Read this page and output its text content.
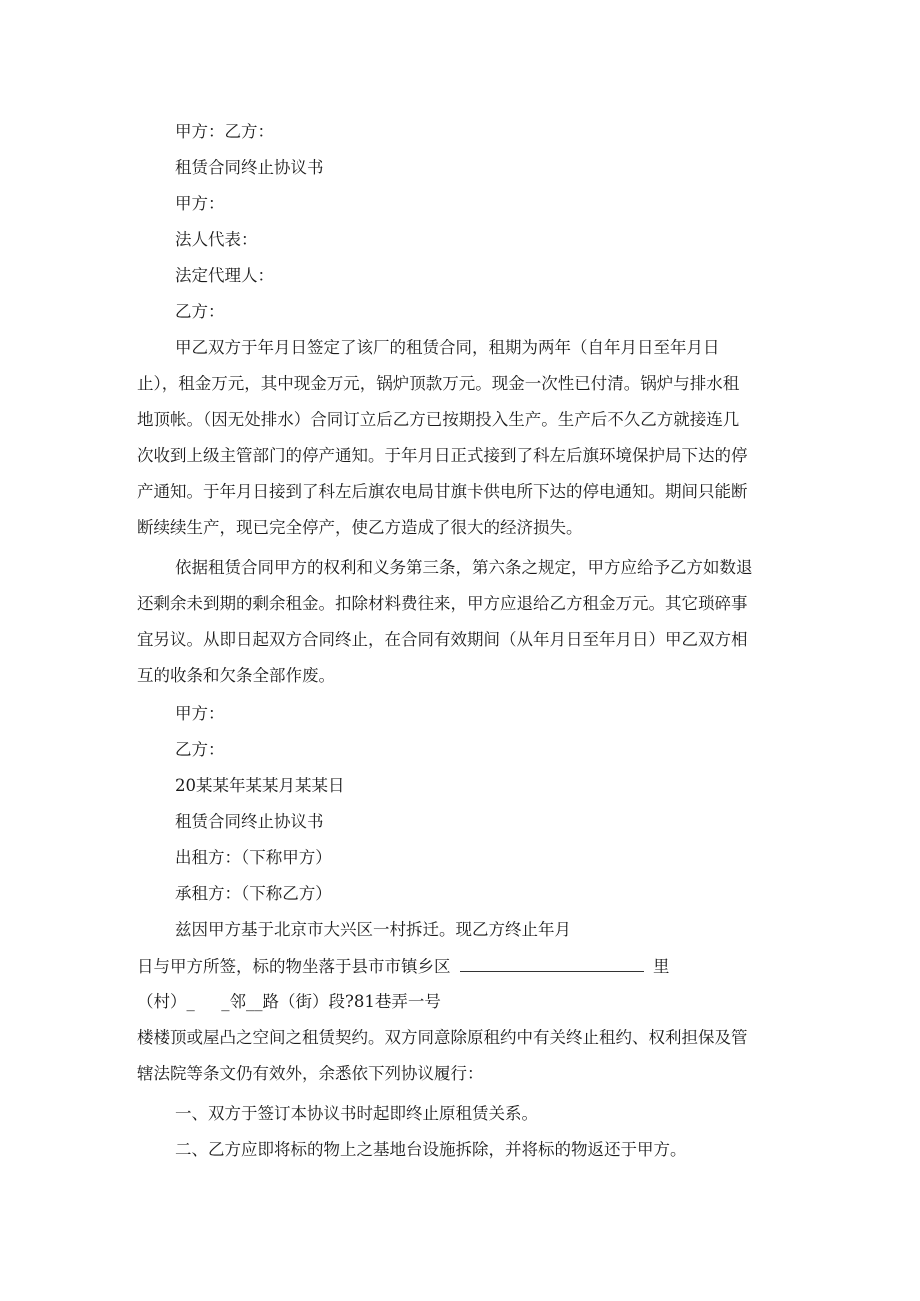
甲方：乙方：
租赁合同终止协议书
甲方：
法人代表：
法定代理人：
乙方：
甲乙双方于年月日签定了该厂的租赁合同，租期为两年（自年月日至年月日
止），租金万元，其中现金万元，锅炉顶款万元。现金一次性已付清。锅炉与排水租
地顶帐。（因无处排水）合同订立后乙方已按期投入生产。生产后不久乙方就接连几
次收到上级主管部门的停产通知。于年月日正式接到了科左后旗环境保护局下达的停
产通知。于年月日接到了科左后旗农电局甘旗卡供电所下达的停电通知。期间只能断
断续续生产，现已完全停产，使乙方造成了很大的经济损失。
依据租赁合同甲方的权利和义务第三条，第六条之规定，甲方应给予乙方如数退
还剩余未到期的剩余租金。扣除材料费往来，甲方应退给乙方租金万元。其它琐碎事
宜另议。从即日起双方合同终止，在合同有效期间（从年月日至年月日）甲乙双方相
互的收条和欠条全部作废。
甲方：
乙方：
20某某年某某月某某日
租赁合同终止协议书
出租方：（下称甲方）
承租方：（下称乙方）
兹因甲方基于北京市大兴区一村拆迁。现乙方终止年月
日与甲方所签，标的物坐落于县市市镇乡区	里
（村）_ _邻__路（街）段?81巷弄一号
楼楼顶或屋凸之空间之租赁契约。双方同意除原租约中有关终止租约、权利担保及管
辖法院等条文仍有效外，余悉依下列协议履行：
一、双方于签订本协议书时起即终止原租赁关系。
二、乙方应即将标的物上之基地台设施拆除，并将标的物返还于甲方。
